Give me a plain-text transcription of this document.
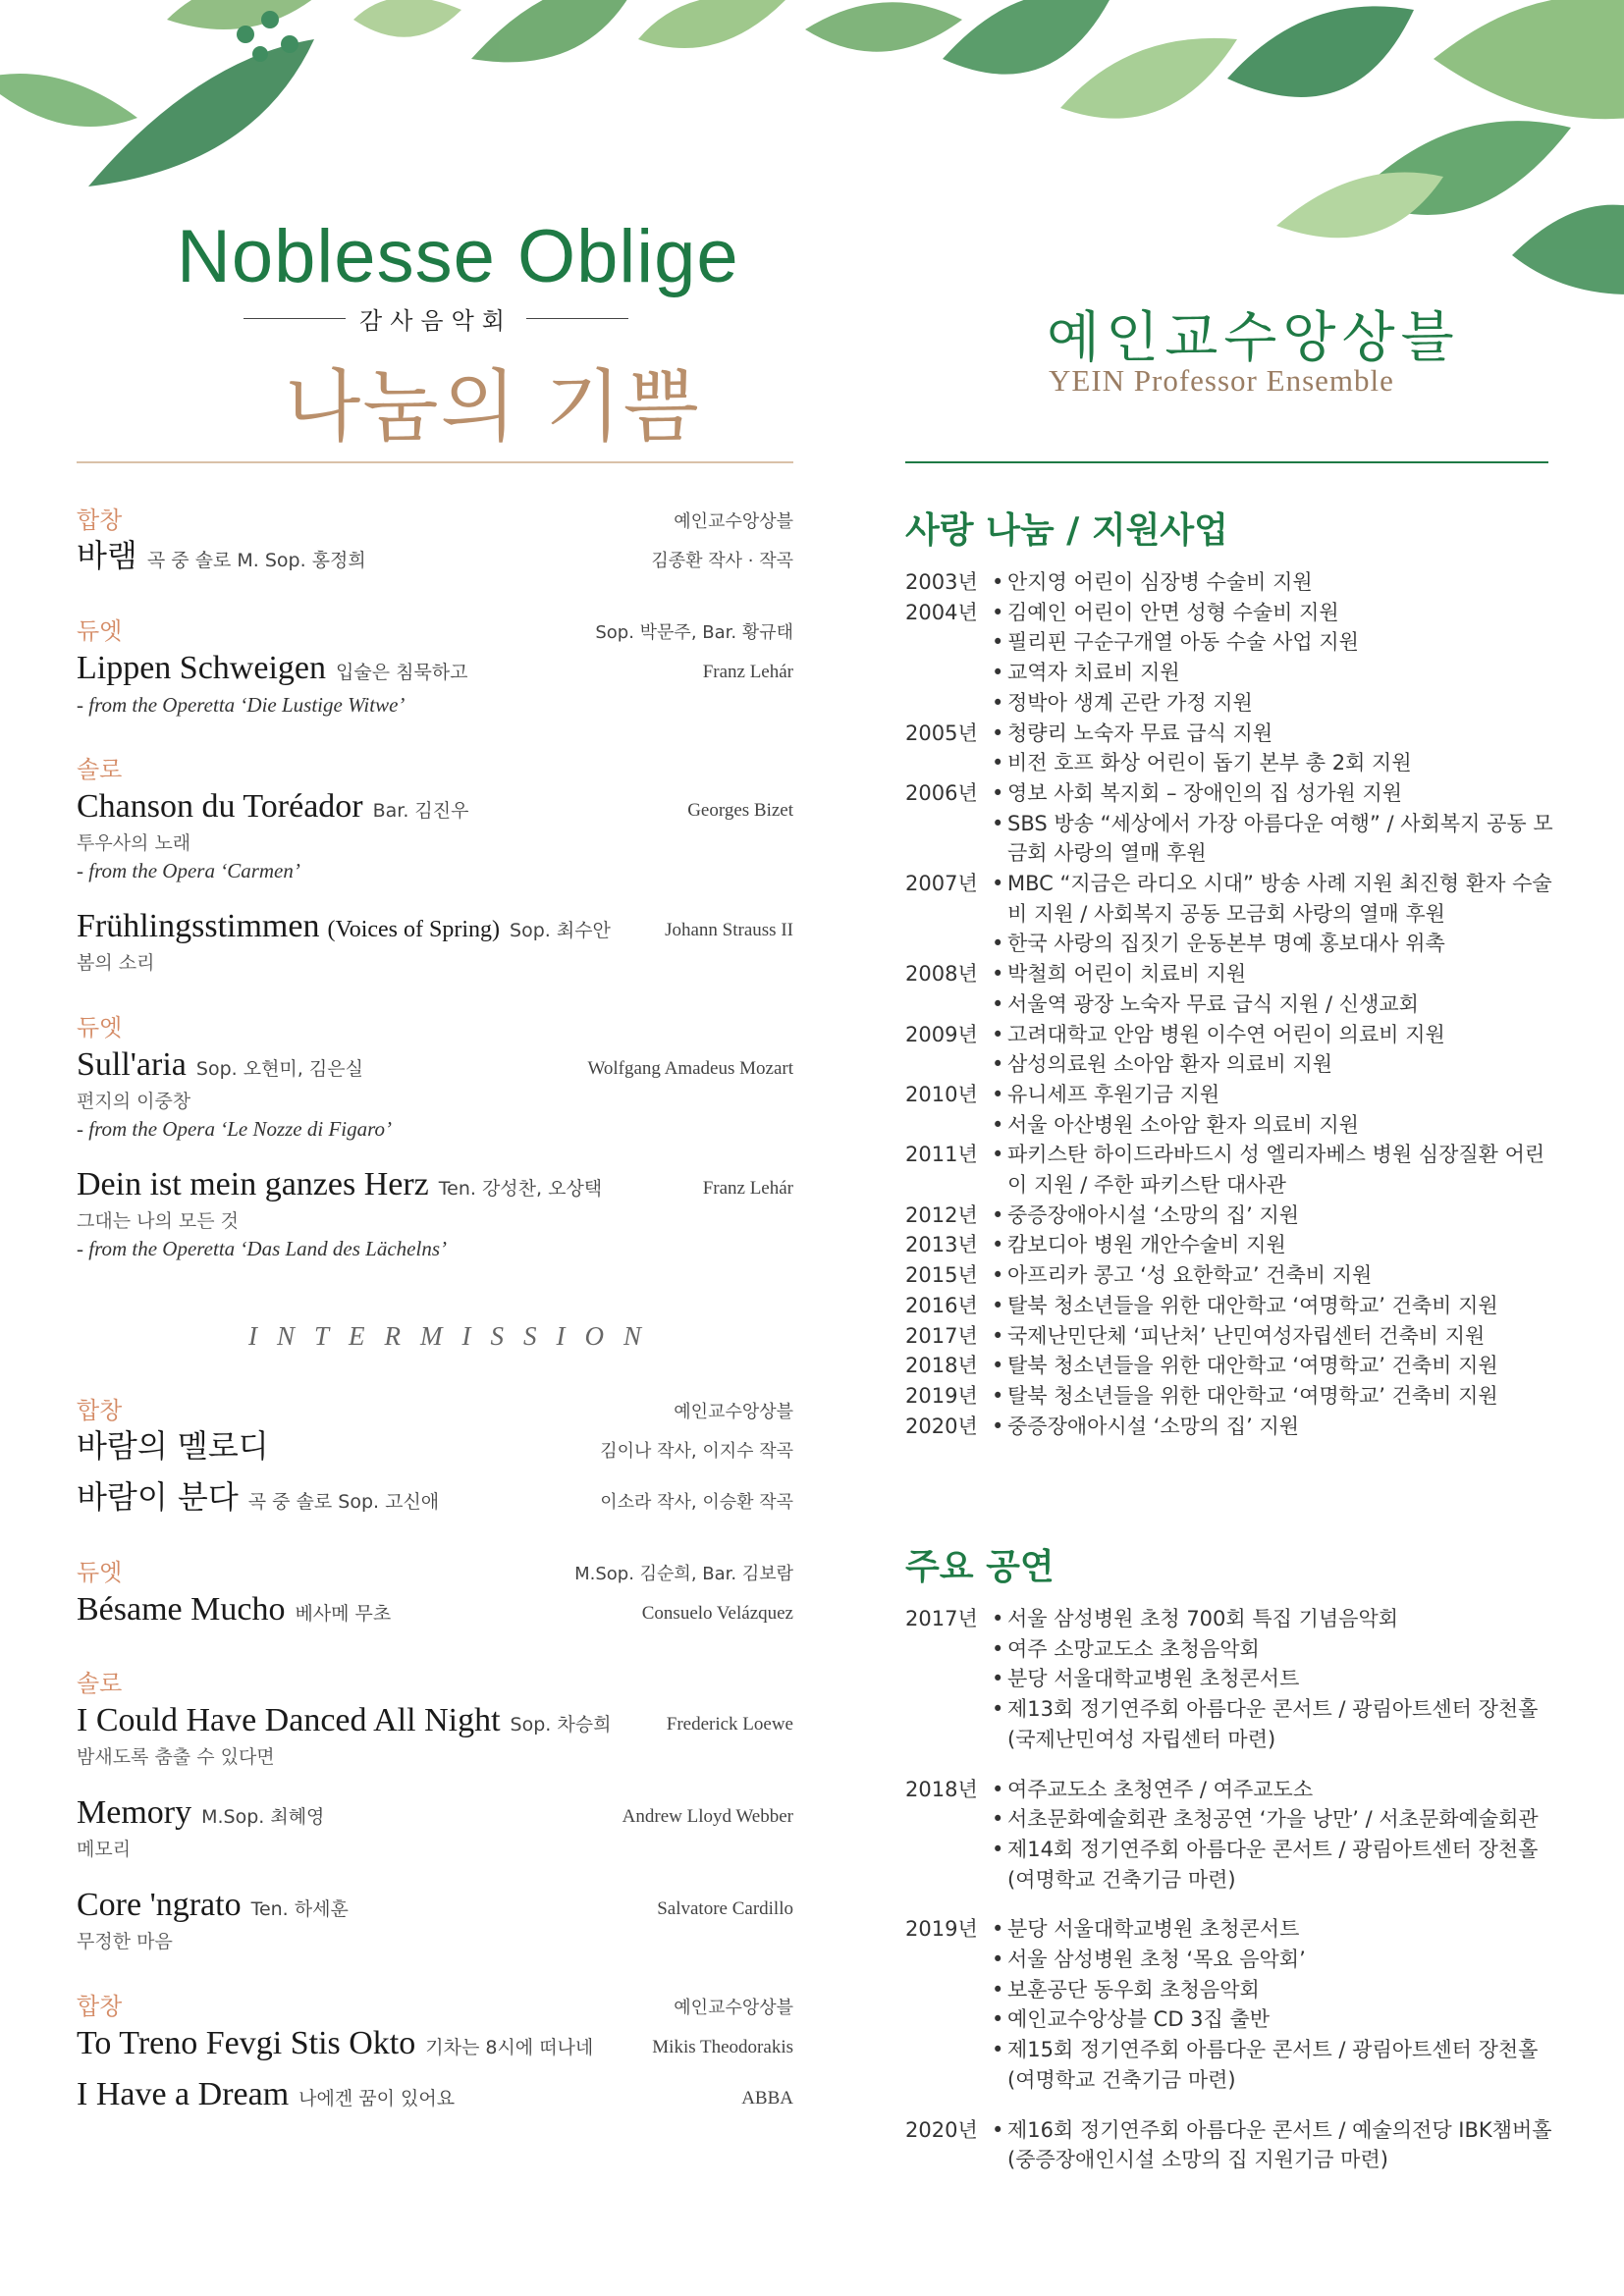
Noblesse Oblige
감사음악회
나눔의 기쁨
예인교수앙상블
YEIN Professor Ensemble
합창	예인교수앙상블
바램 곡 중 솔로 M. Sop. 홍정희	김종환 작사 · 작곡
듀엣	Sop. 박문주, Bar. 황규태
Lippen Schweigen 입술은 침묵하고	Franz Lehár
- from the Operetta ‘Die Lustige Witwe’
솔로
Chanson du Toréador Bar. 김진우	Georges Bizet
투우사의 노래
- from the Opera ‘Carmen’
Frühlingsstimmen (Voices of Spring) Sop. 최수안	Johann Strauss II
봄의 소리
듀엣
Sull'aria Sop. 오현미, 김은실	Wolfgang Amadeus Mozart
편지의 이중창
- from the Opera ‘Le Nozze di Figaro’
Dein ist mein ganzes Herz Ten. 강성찬, 오상택	Franz Lehár
그대는 나의 모든 것
- from the Operetta ‘Das Land des Lächelns’
INTERMISSION
합창	예인교수앙상블
바람의 멜로디	김이나 작사, 이지수 작곡
바람이 분다 곡 중 솔로 Sop. 고신애	이소라 작사, 이승환 작곡
듀엣	M.Sop. 김순희, Bar. 김보람
Bésame Mucho 베사메 무초	Consuelo Velázquez
솔로
I Could Have Danced All Night Sop. 차승희	Frederick Loewe
밤새도록 춤출 수 있다면
Memory M.Sop. 최혜영	Andrew Lloyd Webber
메모리
Core 'ngrato Ten. 하세훈	Salvatore Cardillo
무정한 마음
합창	예인교수앙상블
To Treno Fevgi Stis Okto 기차는 8시에 떠나네	Mikis Theodorakis
I Have a Dream 나에겐 꿈이 있어요	ABBA
사랑 나눔 / 지원사업
2003년 • 안지영 어린이 심장병 수술비 지원
2004년 • 김예인 어린이 안면 성형 수술비 지원
• 필리핀 구순구개열 아동 수술 사업 지원
• 교역자 치료비 지원
• 정박아 생계 곤란 가정 지원
2005년 • 청량리 노숙자 무료 급식 지원
• 비전 호프 화상 어린이 돕기 본부 총 2회 지원
2006년 • 영보 사회 복지회 – 장애인의 집 성가원 지원
• SBS 방송 “세상에서 가장 아름다운 여행” / 사회복지 공동 모금회 사랑의 열매 후원
2007년 • MBC “지금은 라디오 시대” 방송 사례 지원 최진형 환자 수술비 지원 / 사회복지 공동 모금회 사랑의 열매 후원
• 한국 사랑의 집짓기 운동본부 명예 홍보대사 위촉
2008년 • 박철희 어린이 치료비 지원
• 서울역 광장 노숙자 무료 급식 지원 / 신생교회
2009년 • 고려대학교 안암 병원 이수연 어린이 의료비 지원
• 삼성의료원 소아암 환자 의료비 지원
2010년 • 유니세프 후원기금 지원
• 서울 아산병원 소아암 환자 의료비 지원
2011년 • 파키스탄 하이드라바드시 성 엘리자베스 병원 심장질환 어린이 지원 / 주한 파키스탄 대사관
2012년 • 중증장애아시설 ‘소망의 집’ 지원
2013년 • 캄보디아 병원 개안수술비 지원
2015년 • 아프리카 콩고 ‘성 요한학교’ 건축비 지원
2016년 • 탈북 청소년들을 위한 대안학교 ‘여명학교’ 건축비 지원
2017년 • 국제난민단체 ‘피난처’ 난민여성자립센터 건축비 지원
2018년 • 탈북 청소년들을 위한 대안학교 ‘여명학교’ 건축비 지원
2019년 • 탈북 청소년들을 위한 대안학교 ‘여명학교’ 건축비 지원
2020년 • 중증장애아시설 ‘소망의 집’ 지원
주요 공연
2017년 • 서울 삼성병원 초청 700회 특집 기념음악회
• 여주 소망교도소 초청음악회
• 분당 서울대학교병원 초청콘서트
• 제13회 정기연주회 아름다운 콘서트 / 광림아트센터 장천홀 (국제난민여성 자립센터 마련)
2018년 • 여주교도소 초청연주 / 여주교도소
• 서초문화예술회관 초청공연 ‘가을 낭만’ / 서초문화예술회관
• 제14회 정기연주회 아름다운 콘서트 / 광림아트센터 장천홀 (여명학교 건축기금 마련)
2019년 • 분당 서울대학교병원 초청콘서트
• 서울 삼성병원 초청 ‘목요 음악회’
• 보훈공단 동우회 초청음악회
• 예인교수앙상블 CD 3집 출반
• 제15회 정기연주회 아름다운 콘서트 / 광림아트센터 장천홀 (여명학교 건축기금 마련)
2020년 • 제16회 정기연주회 아름다운 콘서트 / 예술의전당 IBK챔버홀 (중증장애인시설 소망의 집 지원기금 마련)
